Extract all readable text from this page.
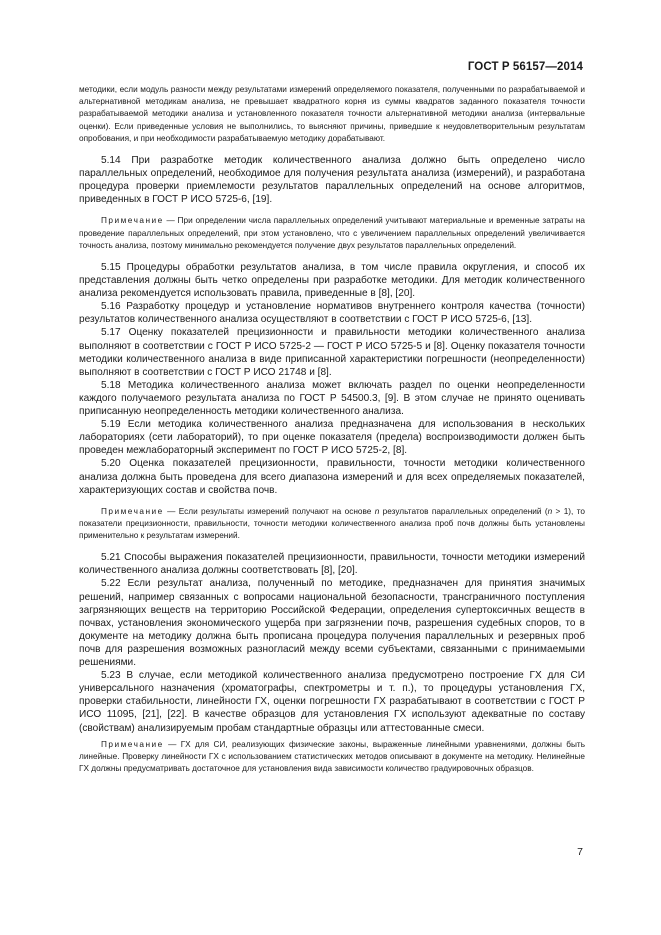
ГОСТ Р 56157—2014

методики, если модуль разности между результатами измерений определяемого показателя, полученными по разрабатываемой и альтернативной методикам анализа, не превышает квадратного корня из суммы квадратов заданного показателя точности разрабатываемой методики анализа и установленного показателя точности альтернативной методики анализа (интервальные оценки). Если приведенные условия не выполнились, то выясняют причины, приведшие к неудовлетворительным результатам опробования, и при необходимости разрабатываемую методику дорабатывают.

5.14 При разработке методик количественного анализа должно быть определено число параллельных определений, необходимое для получения результата анализа (измерений), и разработана процедура проверки приемлемости результатов параллельных определений на основе алгоритмов, приведенных в ГОСТ Р ИСО 5725-6, [19].

Примечание — При определении числа параллельных определений учитывают материальные и временные затраты на проведение параллельных определений, при этом установлено, что с увеличением параллельных определений увеличивается точность анализа, поэтому минимально рекомендуется получение двух результатов параллельных определений.

5.15 Процедуры обработки результатов анализа, в том числе правила округления, и способ их представления должны быть четко определены при разработке методики. Для методик количественного анализа рекомендуется использовать правила, приведенные в [8], [20].

5.16 Разработку процедур и установление нормативов внутреннего контроля качества (точности) результатов количественного анализа осуществляют в соответствии с ГОСТ Р ИСО 5725-6, [13].

5.17 Оценку показателей прецизионности и правильности методики количественного анализа выполняют в соответствии с ГОСТ Р ИСО 5725-2 — ГОСТ Р ИСО 5725-5 и [8]. Оценку показателя точности методики количественного анализа в виде приписанной характеристики погрешности (неопределенности) выполняют в соответствии с ГОСТ Р ИСО 21748 и [8].

5.18 Методика количественного анализа может включать раздел по оценки неопределенности каждого получаемого результата анализа по ГОСТ Р 54500.3, [9]. В этом случае не принято оценивать приписанную неопределенность методики количественного анализа.

5.19 Если методика количественного анализа предназначена для использования в нескольких лабораториях (сети лабораторий), то при оценке показателя (предела) воспроизводимости должен быть проведен межлабораторный эксперимент по ГОСТ Р ИСО 5725-2, [8].

5.20 Оценка показателей прецизионности, правильности, точности методики количественного анализа должна быть проведена для всего диапазона измерений и для всех определяемых показателей, характеризующих состав и свойства почв.

Примечание — Если результаты измерений получают на основе n результатов параллельных определений (n > 1), то показатели прецизионности, правильности, точности методики количественного анализа проб почв должны быть установлены применительно к результатам измерений.

5.21 Способы выражения показателей прецизионности, правильности, точности методики измерений количественного анализа должны соответствовать [8], [20].

5.22 Если результат анализа, полученный по методике, предназначен для принятия значимых решений, например связанных с вопросами национальной безопасности, трансграничного поступления загрязняющих веществ на территорию Российской Федерации, определения супертоксичных веществ в почвах, установления экономического ущерба при загрязнении почв, разрешения судебных споров, то в документе на методику должна быть прописана процедура получения параллельных и резервных проб почв для разрешения возможных разногласий между всеми субъектами, связанными с принимаемыми решениями.

5.23 В случае, если методикой количественного анализа предусмотрено построение ГХ для СИ универсального назначения (хроматографы, спектрометры и т. п.), то процедуры установления ГХ, проверки стабильности, линейности ГХ, оценки погрешности ГХ разрабатывают в соответствии с ГОСТ Р ИСО 11095, [21], [22]. В качестве образцов для установления ГХ используют адекватные по составу (свойствам) анализируемым пробам стандартные образцы или аттестованные смеси.

Примечание — ГХ для СИ, реализующих физические законы, выраженные линейными уравнениями, должны быть линейные. Проверку линейности ГХ с использованием статистических методов описывают в документе на методику. Нелинейные ГХ должны предусматривать достаточное для установления вида зависимости количество градуировочных образцов.

7
